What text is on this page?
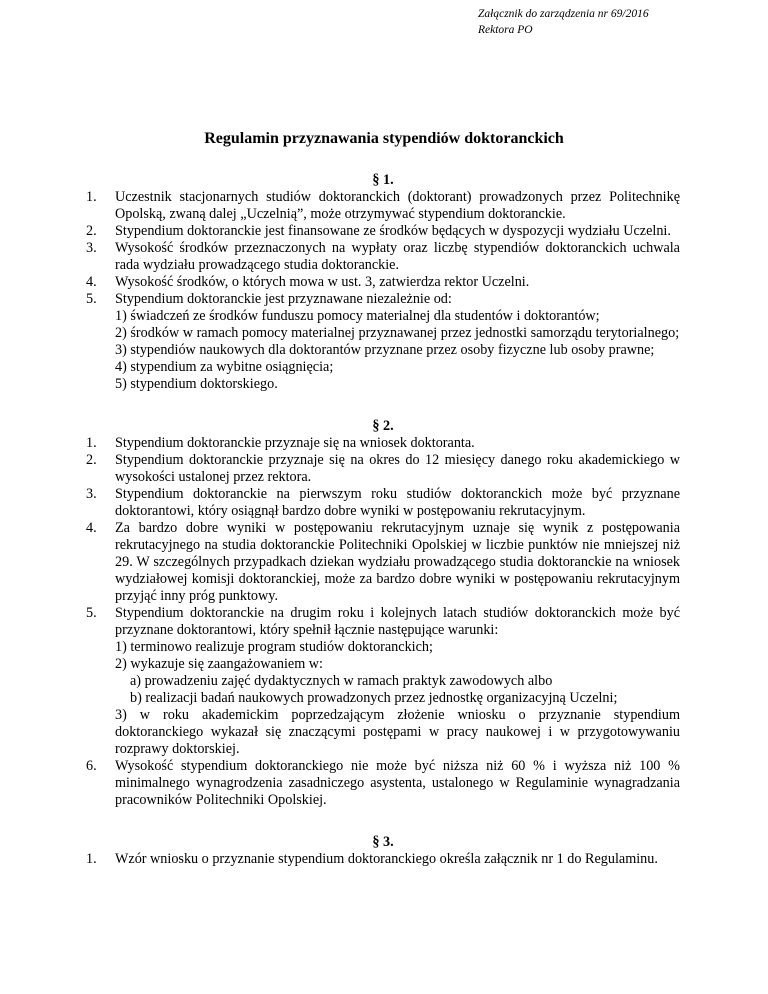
Załącznik do zarządzenia nr 69/2016
Rektora PO
Regulamin przyznawania stypendiów doktoranckich
§ 1.
1. Uczestnik stacjonarnych studiów doktoranckich (doktorant) prowadzonych przez Politechnikę Opolską, zwaną dalej „Uczelnią”, może otrzymywać stypendium doktoranckie.
2. Stypendium doktoranckie jest finansowane ze środków będących w dyspozycji wydziału Uczelni.
3. Wysokość środków przeznaczonych na wypłaty oraz liczbę stypendiów doktoranckich uchwala rada wydziału prowadzącego studia doktoranckie.
4. Wysokość środków, o których mowa w ust. 3, zatwierdza rektor Uczelni.
5. Stypendium doktoranckie jest przyznawane niezależnie od:
1) świadczeń ze środków funduszu pomocy materialnej dla studentów i doktorantów;
2) środków w ramach pomocy materialnej przyznawanej przez jednostki samorządu terytorialnego;
3) stypendiów naukowych dla doktorantów przyznane przez osoby fizyczne lub osoby prawne;
4) stypendium za wybitne osiągnięcia;
5) stypendium doktorskiego.
§ 2.
1. Stypendium doktoranckie przyznaje się na wniosek doktoranta.
2. Stypendium doktoranckie przyznaje się na okres do 12 miesięcy danego roku akademickiego w wysokości ustalonej przez rektora.
3. Stypendium doktoranckie na pierwszym roku studiów doktoranckich może być przyznane doktorantowi, który osiągnął bardzo dobre wyniki w postępowaniu rekrutacyjnym.
4. Za bardzo dobre wyniki w postępowaniu rekrutacyjnym uznaje się wynik z postępowania rekrutacyjnego na studia doktoranckie Politechniki Opolskiej w liczbie punktów nie mniejszej niż 29. W szczególnych przypadkach dziekan wydziału prowadzącego studia doktoranckie na wniosek wydziałowej komisji doktoranckiej, może za bardzo dobre wyniki w postępowaniu rekrutacyjnym przyjąć inny próg punktowy.
5. Stypendium doktoranckie na drugim roku i kolejnych latach studiów doktoranckich może być przyznane doktorantowi, który spełnił łącznie następujące warunki:
1) terminowo realizuje program studiów doktoranckich;
2) wykazuje się zaangażowaniem w:
a) prowadzeniu zajęć dydaktycznych w ramach praktyk zawodowych albo
b) realizacji badań naukowych prowadzonych przez jednostkę organizacyjną Uczelni;
3) w roku akademickim poprzedzającym złożenie wniosku o przyznanie stypendium doktoranckiego wykazał się znaczącymi postępami w pracy naukowej i w przygotowywaniu rozprawy doktorskiej.
6. Wysokość stypendium doktoranckiego nie może być niższa niż 60 % i wyższa niż 100 % minimalnego wynagrodzenia zasadniczego asystenta, ustalonego w Regulaminie wynagradzania pracowników Politechniki Opolskiej.
§ 3.
1. Wzór wniosku o przyznanie stypendium doktoranckiego określa załącznik nr 1 do Regulaminu.
